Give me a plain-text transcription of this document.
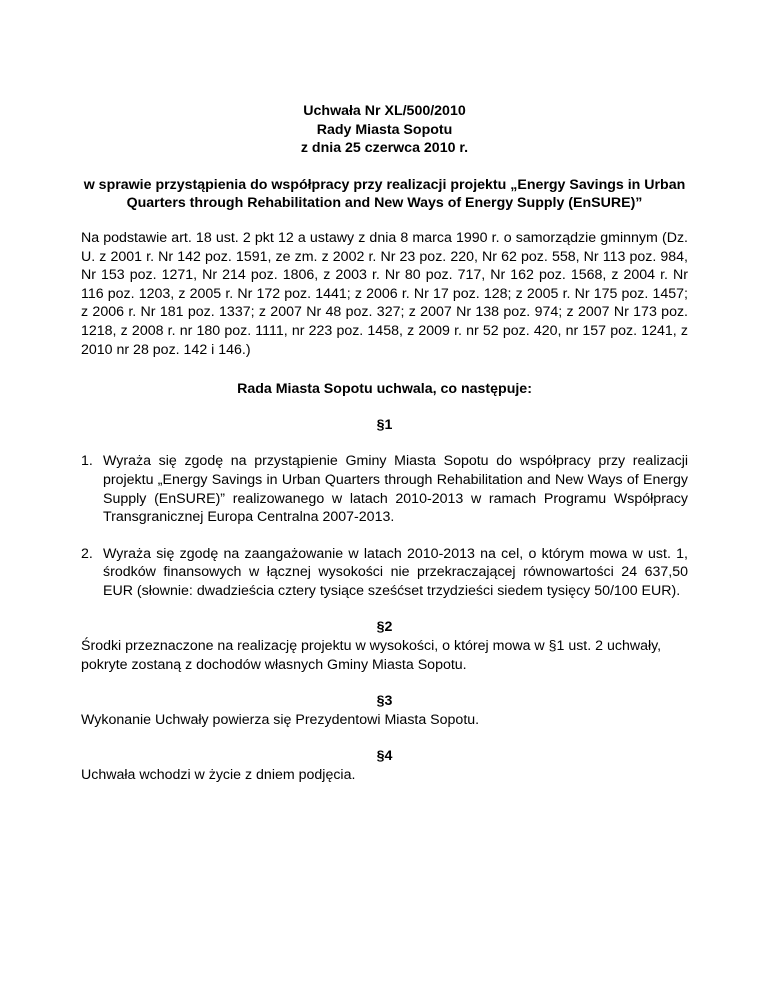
Uchwała Nr XL/500/2010
Rady Miasta Sopotu
z dnia 25 czerwca 2010 r.
w sprawie przystąpienia do współpracy przy realizacji projektu „Energy Savings in Urban
Quarters through Rehabilitation and New Ways of Energy Supply (EnSURE)”
Na podstawie art. 18 ust. 2 pkt 12 a ustawy z dnia 8 marca 1990 r. o samorządzie gminnym (Dz. U. z 2001 r. Nr 142 poz. 1591, ze zm. z 2002 r. Nr 23 poz. 220, Nr 62 poz. 558, Nr 113 poz. 984, Nr 153 poz. 1271, Nr 214 poz. 1806, z 2003 r. Nr 80 poz. 717, Nr 162 poz. 1568, z 2004 r. Nr 116 poz. 1203, z 2005 r. Nr 172 poz. 1441; z 2006 r. Nr 17 poz. 128; z 2005 r. Nr 175 poz. 1457; z 2006 r. Nr 181 poz. 1337; z 2007 Nr 48 poz. 327; z 2007 Nr 138 poz. 974; z 2007 Nr 173 poz. 1218, z 2008 r. nr 180 poz. 1111, nr 223 poz. 1458, z 2009 r. nr 52 poz. 420, nr 157 poz. 1241, z 2010 nr 28 poz. 142 i 146.)
Rada Miasta Sopotu uchwala, co następuje:
§1
1. Wyraża się zgodę na przystąpienie Gminy Miasta Sopotu do współpracy przy realizacji projektu „Energy Savings in Urban Quarters through Rehabilitation and New Ways of Energy Supply (EnSURE)” realizowanego w latach 2010-2013 w ramach Programu Współpracy Transgranicznej Europa Centralna 2007-2013.
2. Wyraża się zgodę na zaangażowanie w latach 2010-2013 na cel, o którym mowa w ust. 1, środków finansowych w łącznej wysokości nie przekraczającej równowartości 24 637,50 EUR (słownie: dwadzieścia cztery tysiące sześćset trzydzieści siedem tysięcy 50/100 EUR).
§2
Środki przeznaczone na realizację projektu w wysokości, o której mowa w §1 ust. 2 uchwały, pokryte zostaną z dochodów własnych Gminy Miasta Sopotu.
§3
Wykonanie Uchwały powierza się Prezydentowi Miasta Sopotu.
§4
Uchwała wchodzi w życie z dniem podjęcia.
